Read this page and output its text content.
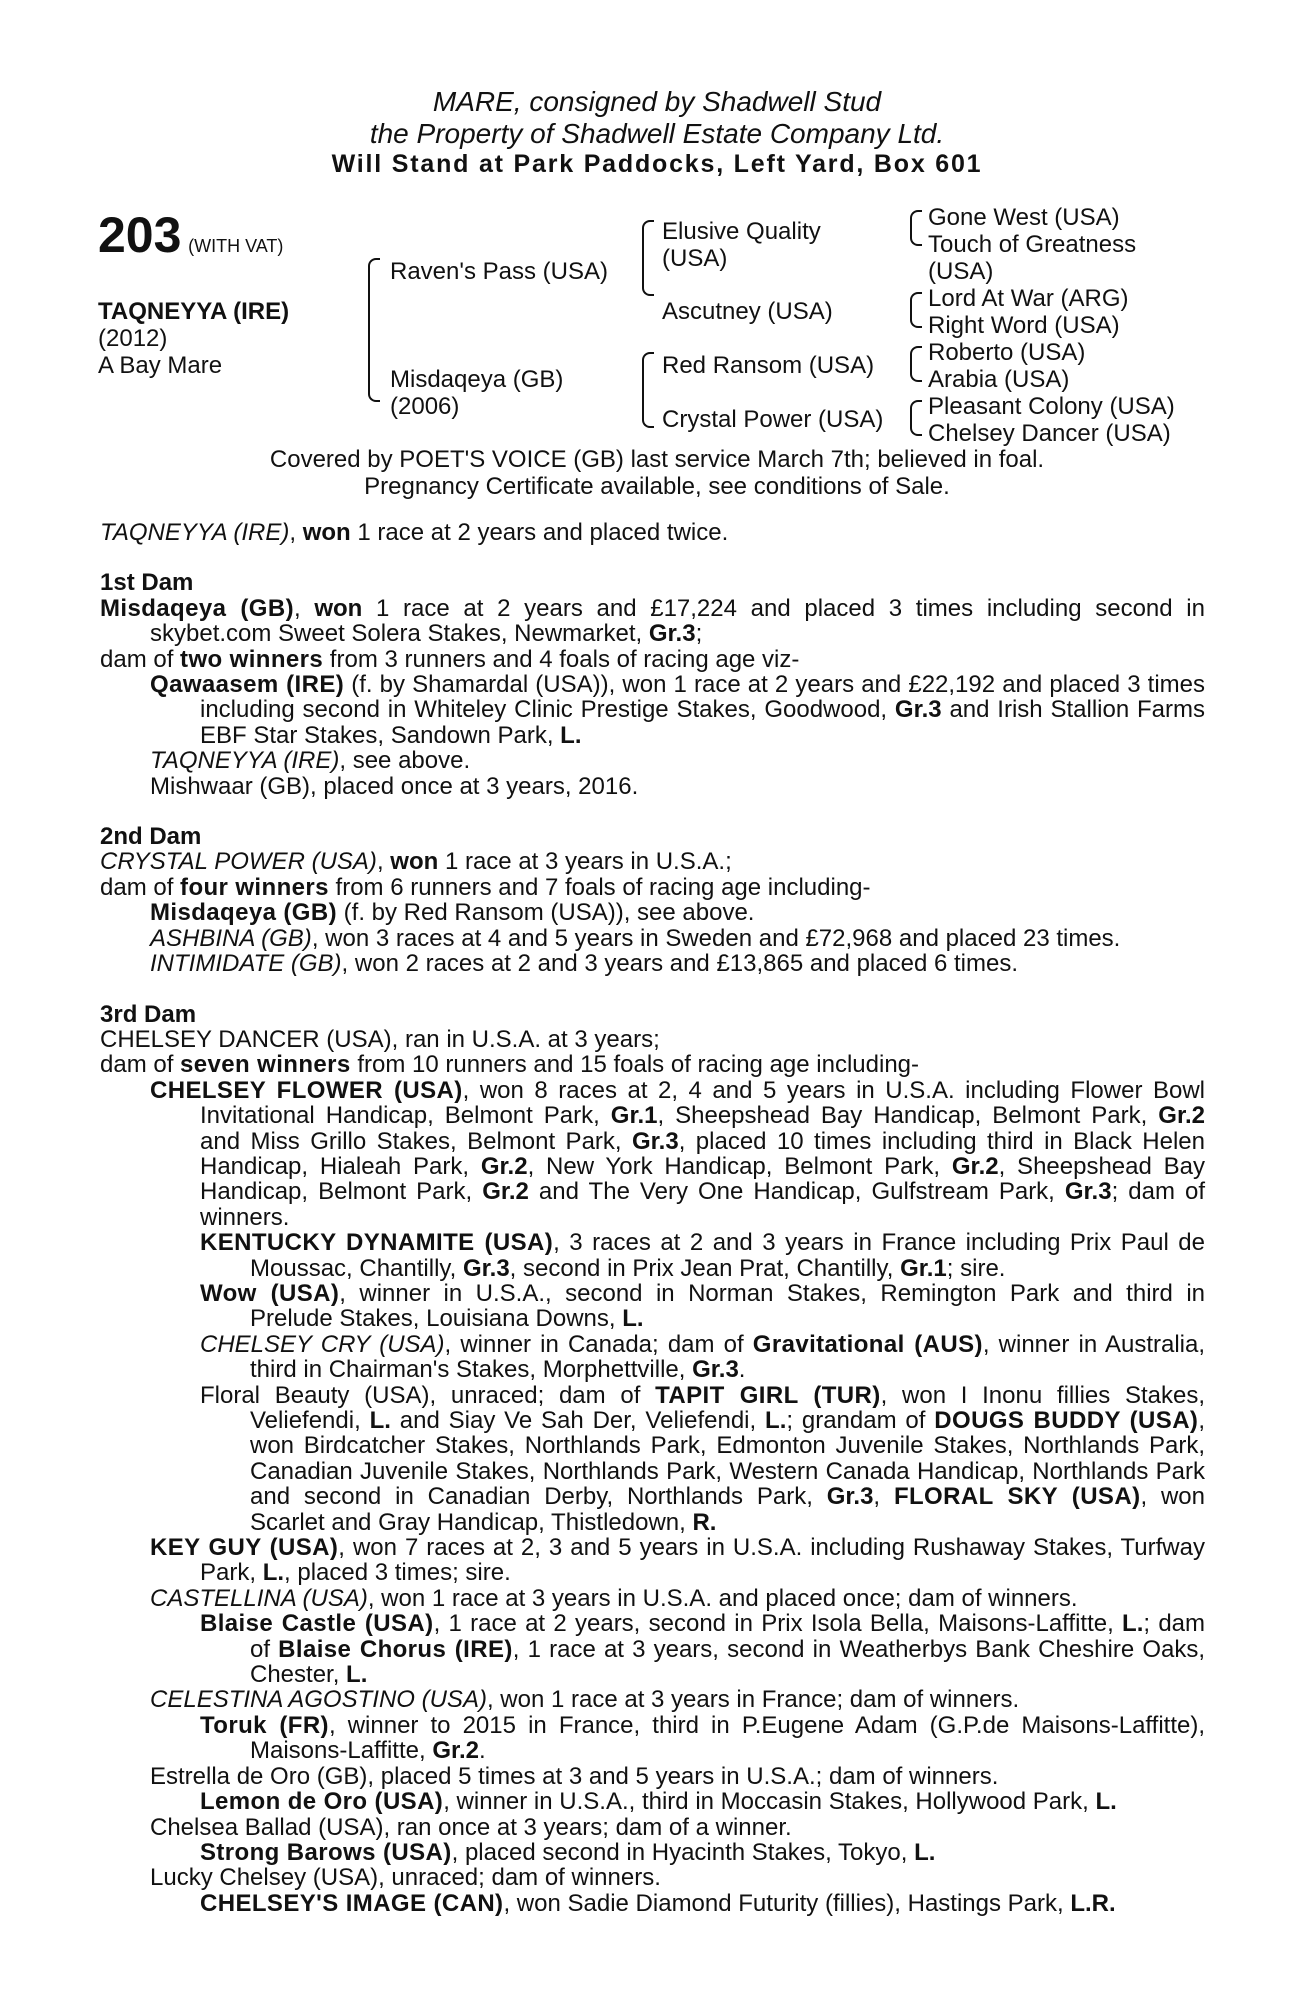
MARE, consigned by Shadwell Stud
the Property of Shadwell Estate Company Ltd.
Will Stand at Park Paddocks, Left Yard, Box 601
203 (WITH VAT)
TAQNEYYA (IRE)
(2012)
A Bay Mare
Raven's Pass (USA)
Misdaqeya (GB)
(2006)
Elusive Quality
(USA)
Ascutney (USA)
Red Ransom (USA)
Crystal Power (USA)
Gone West (USA)
Touch of Greatness
(USA)
Lord At War (ARG)
Right Word (USA)
Roberto (USA)
Arabia (USA)
Pleasant Colony (USA)
Chelsey Dancer (USA)
Covered by POET'S VOICE (GB) last service March 7th; believed in foal.
Pregnancy Certificate available, see conditions of Sale.
TAQNEYYA (IRE), won 1 race at 2 years and placed twice.
1st Dam
Misdaqeya (GB), won 1 race at 2 years and £17,224 and placed 3 times including second in skybet.com Sweet Solera Stakes, Newmarket, Gr.3;
dam of two winners from 3 runners and 4 foals of racing age viz-
Qawaasem (IRE) (f. by Shamardal (USA)), won 1 race at 2 years and £22,192 and placed 3 times including second in Whiteley Clinic Prestige Stakes, Goodwood, Gr.3 and Irish Stallion Farms EBF Star Stakes, Sandown Park, L.
TAQNEYYA (IRE), see above.
Mishwaar (GB), placed once at 3 years, 2016.
2nd Dam
CRYSTAL POWER (USA), won 1 race at 3 years in U.S.A.;
dam of four winners from 6 runners and 7 foals of racing age including-
Misdaqeya (GB) (f. by Red Ransom (USA)), see above.
ASHBINA (GB), won 3 races at 4 and 5 years in Sweden and £72,968 and placed 23 times.
INTIMIDATE (GB), won 2 races at 2 and 3 years and £13,865 and placed 6 times.
3rd Dam
CHELSEY DANCER (USA), ran in U.S.A. at 3 years;
dam of seven winners from 10 runners and 15 foals of racing age including-
CHELSEY FLOWER (USA), won 8 races at 2, 4 and 5 years in U.S.A. including Flower Bowl Invitational Handicap, Belmont Park, Gr.1, Sheepshead Bay Handicap, Belmont Park, Gr.2 and Miss Grillo Stakes, Belmont Park, Gr.3, placed 10 times including third in Black Helen Handicap, Hialeah Park, Gr.2, New York Handicap, Belmont Park, Gr.2, Sheepshead Bay Handicap, Belmont Park, Gr.2 and The Very One Handicap, Gulfstream Park, Gr.3; dam of winners.
KENTUCKY DYNAMITE (USA), 3 races at 2 and 3 years in France including Prix Paul de Moussac, Chantilly, Gr.3, second in Prix Jean Prat, Chantilly, Gr.1; sire.
Wow (USA), winner in U.S.A., second in Norman Stakes, Remington Park and third in Prelude Stakes, Louisiana Downs, L.
CHELSEY CRY (USA), winner in Canada; dam of Gravitational (AUS), winner in Australia, third in Chairman's Stakes, Morphettville, Gr.3.
Floral Beauty (USA), unraced; dam of TAPIT GIRL (TUR), won I Inonu fillies Stakes, Veliefendi, L. and Siay Ve Sah Der, Veliefendi, L.; grandam of DOUGS BUDDY (USA), won Birdcatcher Stakes, Northlands Park, Edmonton Juvenile Stakes, Northlands Park, Canadian Juvenile Stakes, Northlands Park, Western Canada Handicap, Northlands Park and second in Canadian Derby, Northlands Park, Gr.3, FLORAL SKY (USA), won Scarlet and Gray Handicap, Thistledown, R.
KEY GUY (USA), won 7 races at 2, 3 and 5 years in U.S.A. including Rushaway Stakes, Turfway Park, L., placed 3 times; sire.
CASTELLINA (USA), won 1 race at 3 years in U.S.A. and placed once; dam of winners.
Blaise Castle (USA), 1 race at 2 years, second in Prix Isola Bella, Maisons-Laffitte, L.; dam of Blaise Chorus (IRE), 1 race at 3 years, second in Weatherbys Bank Cheshire Oaks, Chester, L.
CELESTINA AGOSTINO (USA), won 1 race at 3 years in France; dam of winners.
Toruk (FR), winner to 2015 in France, third in P.Eugene Adam (G.P.de Maisons-Laffitte), Maisons-Laffitte, Gr.2.
Estrella de Oro (GB), placed 5 times at 3 and 5 years in U.S.A.; dam of winners.
Lemon de Oro (USA), winner in U.S.A., third in Moccasin Stakes, Hollywood Park, L.
Chelsea Ballad (USA), ran once at 3 years; dam of a winner.
Strong Barows (USA), placed second in Hyacinth Stakes, Tokyo, L.
Lucky Chelsey (USA), unraced; dam of winners.
CHELSEY'S IMAGE (CAN), won Sadie Diamond Futurity (fillies), Hastings Park, L.R.
